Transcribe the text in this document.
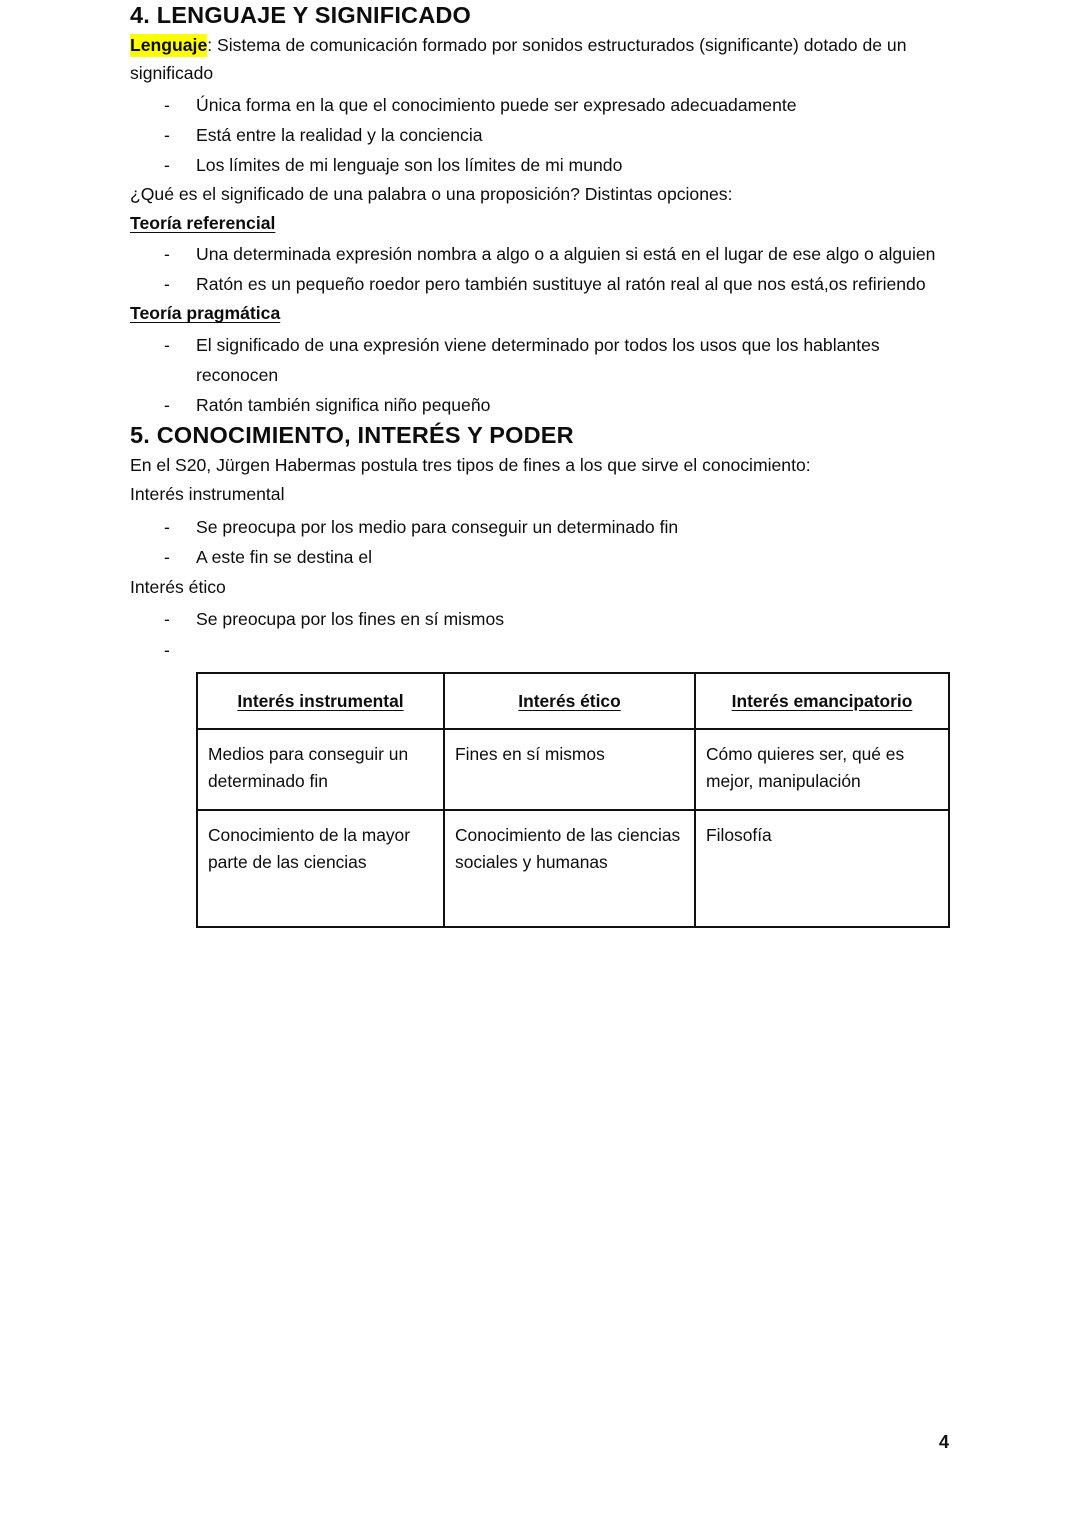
4. LENGUAJE Y SIGNIFICADO

Lenguaje: Sistema de comunicación formado por sonidos estructurados (significante) dotado de un significado

- Única forma en la que el conocimiento puede ser expresado adecuadamente
- Está entre la realidad y la conciencia
- Los límites de mi lenguaje son los límites de mi mundo

¿Qué es el significado de una palabra o una proposición? Distintas opciones:

Teoría referencial
- Una determinada expresión nombra a algo o a alguien si está en el lugar de ese algo o alguien
- Ratón es un pequeño roedor pero también sustituye al ratón real al que nos está,os refiriendo
Teoría pragmática
- El significado de una expresión viene determinado por todos los usos que los hablantes reconocen
- Ratón también significa niño pequeño
5. CONOCIMIENTO, INTERÉS Y PODER

En el S20, Jürgen Habermas postula tres tipos de fines a los que sirve el conocimiento:

Interés instrumental

- Se preocupa por los medio para conseguir un determinado fin
- A este fin se destina el

Interés ético

- Se preocupa por los fines en sí mismos
-
Interés instrumental	Interés ético	Interés emancipatorio
Medios para conseguir un determinado fin	Fines en sí mismos	Cómo quieres ser, qué es mejor, manipulación
Conocimiento de la mayor parte de las ciencias	Conocimiento de las ciencias sociales y humanas	Filosofía
4
